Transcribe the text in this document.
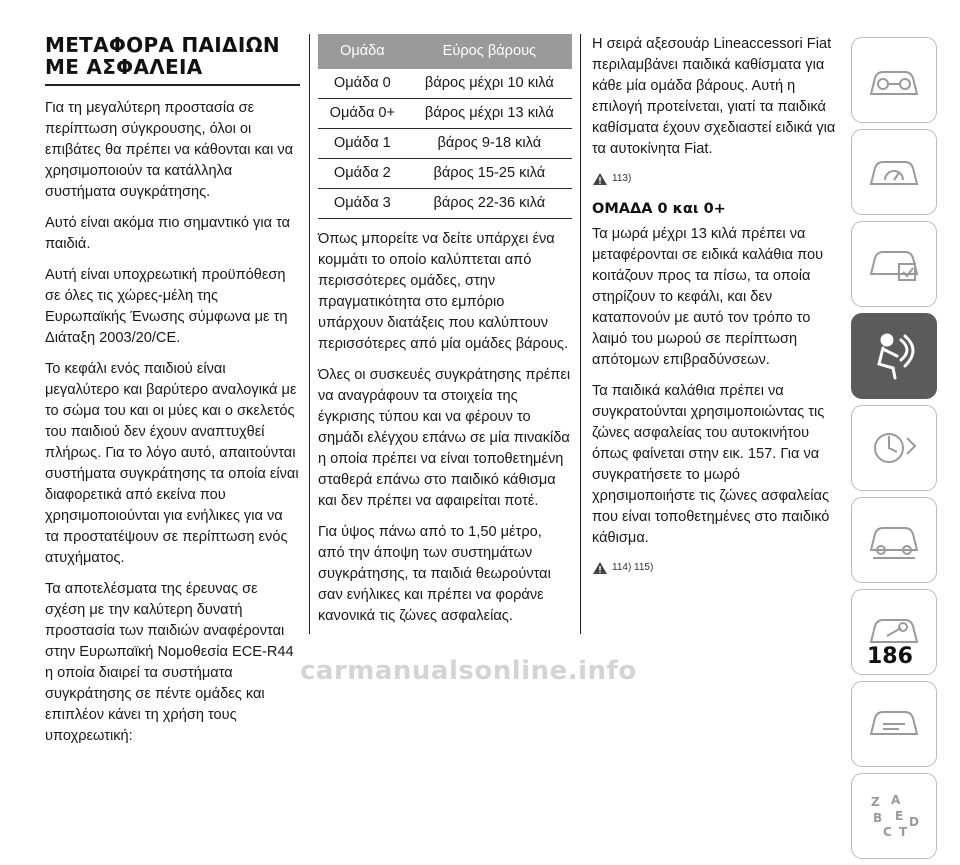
ΜΕΤΑΦΟΡΑ ΠΑΙΔΙΩΝ ΜΕ ΑΣΦΑΛΕΙΑ

Για τη μεγαλύτερη προστασία σε περίπτωση σύγκρουσης, όλοι οι επιβάτες θα πρέπει να κάθονται και να χρησιμοποιούν τα κατάλληλα συστήματα συγκράτησης.

Αυτό είναι ακόμα πιο σημαντικό για τα παιδιά.

Αυτή είναι υποχρεωτική προϋπόθεση σε όλες τις χώρες-μέλη της Ευρωπαϊκής Ένωσης σύμφωνα με τη Διάταξη 2003/20/CE.

Το κεφάλι ενός παιδιού είναι μεγαλύτερο και βαρύτερο αναλογικά με το σώμα του και οι μύες και ο σκελετός του παιδιού δεν έχουν αναπτυχθεί πλήρως. Για το λόγο αυτό, απαιτούνται συστήματα συγκράτησης τα οποία είναι διαφορετικά από εκείνα που χρησιμοποιούνται για ενήλικες για να τα προστατέψουν σε περίπτωση ενός ατυχήματος.

Τα αποτελέσματα της έρευνας σε σχέση με την καλύτερη δυνατή προστασία των παιδιών αναφέρονται στην Ευρωπαϊκή Νομοθεσία ECE-R44 η οποία διαιρεί τα συστήματα συγκράτησης σε πέντε ομάδες και επιπλέον κάνει τη χρήση τους υποχρεωτική:

Ομάδα	Εύρος βάρους
Ομάδα 0	βάρος μέχρι 10 κιλά
Ομάδα 0+	βάρος μέχρι 13 κιλά
Ομάδα 1	βάρος 9-18 κιλά
Ομάδα 2	βάρος 15-25 κιλά
Ομάδα 3	βάρος 22-36 κιλά

Όπως μπορείτε να δείτε υπάρχει ένα κομμάτι το οποίο καλύπτεται από περισσότερες ομάδες, στην πραγματικότητα στο εμπόριο υπάρχουν διατάξεις που καλύπτουν περισσότερες από μία ομάδες βάρους.

Όλες οι συσκευές συγκράτησης πρέπει να αναγράφουν τα στοιχεία της έγκρισης τύπου και να φέρουν το σημάδι ελέγχου επάνω σε μία πινακίδα η οποία πρέπει να είναι τοποθετημένη σταθερά επάνω στο παιδικό κάθισμα και δεν πρέπει να αφαιρείται ποτέ.

Για ύψος πάνω από το 1,50 μέτρο, από την άποψη των συστημάτων συγκράτησης, τα παιδιά θεωρούνται σαν ενήλικες και πρέπει να φοράνε κανονικά τις ζώνες ασφαλείας.

Η σειρά αξεσουάρ Lineaccessori Fiat περιλαμβάνει παιδικά καθίσματα για κάθε μία ομάδα βάρους. Αυτή η επιλογή προτείνεται, γιατί τα παιδικά καθίσματα έχουν σχεδιαστεί ειδικά για τα αυτοκίνητα Fiat.

113)
ΟΜΑΔΑ 0 και 0+

Τα μωρά μέχρι 13 κιλά πρέπει να μεταφέρονται σε ειδικά καλάθια που κοιτάζουν προς τα πίσω, τα οποία στηρίζουν το κεφάλι, και δεν καταπονούν με αυτό τον τρόπο το λαιμό του μωρού σε περίπτωση απότομων επιβραδύνσεων.

Τα παιδικά καλάθια πρέπει να συγκρατούνται χρησιμοποιώντας τις ζώνες ασφαλείας του αυτοκινήτου όπως φαίνεται στην εικ. 157. Για να συγκρατήσετε το μωρό χρησιμοποιήστε τις ζώνες ασφαλείας που είναι τοποθετημένες στο παιδικό κάθισμα.

114) 115)
Z A
B E D
C T
186
carmanualsonline.info
